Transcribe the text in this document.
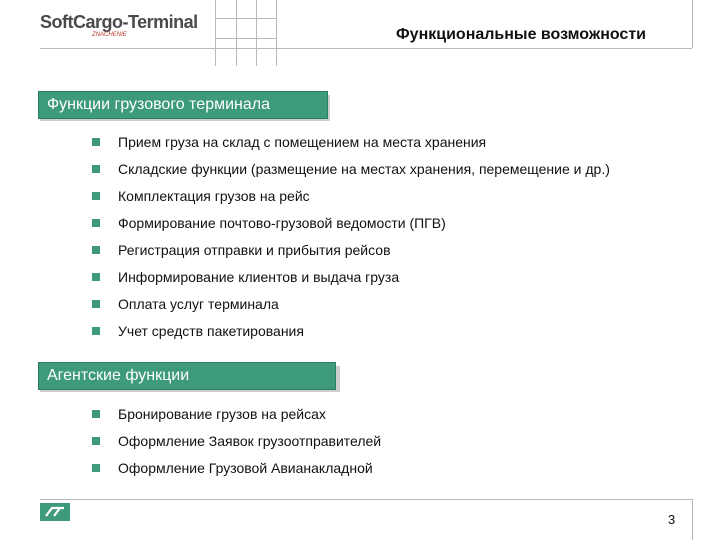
SoftCargo-Terminal
ZNACHENIE	Функциональные возможности
Функции грузового терминала
Прием груза на склад с помещением на места хранения
Складские функции (размещение на местах хранения, перемещение и др.)
Комплектация грузов на рейс
Формирование почтово-грузовой ведомости (ПГВ)
Регистрация отправки и прибытия рейсов
Информирование клиентов и выдача груза
Оплата услуг терминала
Учет средств пакетирования
Агентские функции
Бронирование грузов на рейсах
Оформление Заявок грузоотправителей
Оформление Грузовой Авианакладной
3
